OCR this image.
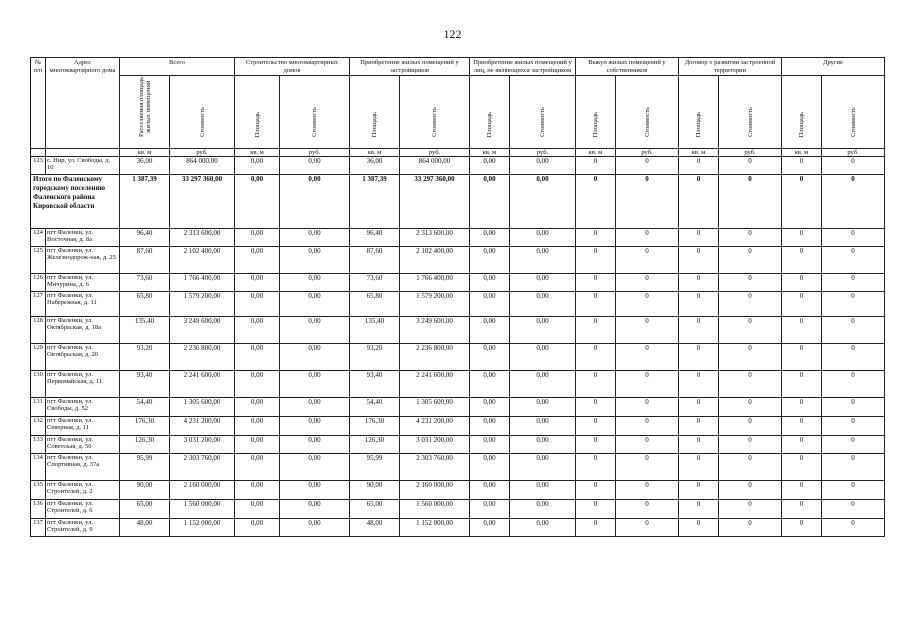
122
№ п/п	Адрес многоквартирного дома	Всего		Строительство многоквартирных домов		Приобретение жилых помещений у застройщиков		Приобретение жилых помещений у лиц, не являющихся застройщиком		Выкуп жилых помещений у собственников		Договор о развитии застроенной территории		Другие	
		Расселяемая площадь жилых помещений	Стоимость	Площадь	Стоимость	Площадь	Стоимость	Площадь	Стоимость	Площадь	Стоимость	Площадь	Стоимость	Площадь	Стоимость
		кв. м	руб.	кв. м	руб.	кв. м	руб.	кв. м	руб.	кв. м	руб.	кв. м	руб.	кв. м	руб.
123	с. Нир, ул. Свободы, д. 10	36,00	864 000,00	0,00	0,00	36,00	864 000,00	0,00	0,00	0	0	0	0	0	0
Итого по Фаленскому городскому поселению Фаленского района Кировской области		1 387,39	33 297 360,00	0,00	0,00	1 387,39	33 297 360,00	0,00	0,00	0	0	0	0	0	0
124	пгт Фаленки, ул. Восточная, д. 8а	96,40	2 313 600,00	0,00	0,00	96,40	2 313 600,00	0,00	0,00	0	0	0	0	0	0
125	пгт Фаленки, ул. Железнодорож-ная, д. 25	87,60	2 102 400,00	0,00	0,00	87,60	2 102 400,00	0,00	0,00	0	0	0	0	0	0
126	пгт Фаленки, ул. Мичурина, д. 6	73,60	1 766 400,00	0,00	0,00	73,60	1 766 400,00	0,00	0,00	0	0	0	0	0	0
127	пгт Фаленки, ул. Набережная, д. 11	65,80	1 579 200,00	0,00	0,00	65,80	1 579 200,00	0,00	0,00	0	0	0	0	0	0
128	пгт Фаленки, ул. Октябрьская, д. 18а	135,40	3 249 600,00	0,00	0,00	135,40	3 249 600,00	0,00	0,00	0	0	0	0	0	0
129	пгт Фаленки, ул. Октябрьская, д. 20	93,20	2 236 800,00	0,00	0,00	93,20	2 236 800,00	0,00	0,00	0	0	0	0	0	0
130	пгт Фаленки, ул. Первомайская, д. 11	93,40	2 241 600,00	0,00	0,00	93,40	2 241 600,00	0,00	0,00	0	0	0	0	0	0
131	пгт Фаленки, ул. Свободы, д. 52	54,40	1 305 600,00	0,00	0,00	54,40	1 305 600,00	0,00	0,00	0	0	0	0	0	0
132	пгт Фаленки, ул. Северная, д. 11	176,30	4 231 200,00	0,00	0,00	176,30	4 231 200,00	0,00	0,00	0	0	0	0	0	0
133	пгт Фаленки, ул. Советская, д. 50	126,30	3 031 200,00	0,00	0,00	126,30	3 031 200,00	0,00	0,00	0	0	0	0	0	0
134	пгт Фаленки, ул. Спортивная, д. 37а	95,99	2 303 760,00	0,00	0,00	95,99	2 303 760,00	0,00	0,00	0	0	0	0	0	0
135	пгт Фаленки, ул. Строителей, д. 2	90,00	2 160 000,00	0,00	0,00	90,00	2 160 000,00	0,00	0,00	0	0	0	0	0	0
136	пгт Фаленки, ул. Строителей, д. 6	65,00	1 560 000,00	0,00	0,00	65,00	1 560 000,00	0,00	0,00	0	0	0	0	0	0
137	пгт Фаленки, ул. Строителей, д. 9	48,00	1 152 000,00	0,00	0,00	48,00	1 152 000,00	0,00	0,00	0	0	0	0	0	0
